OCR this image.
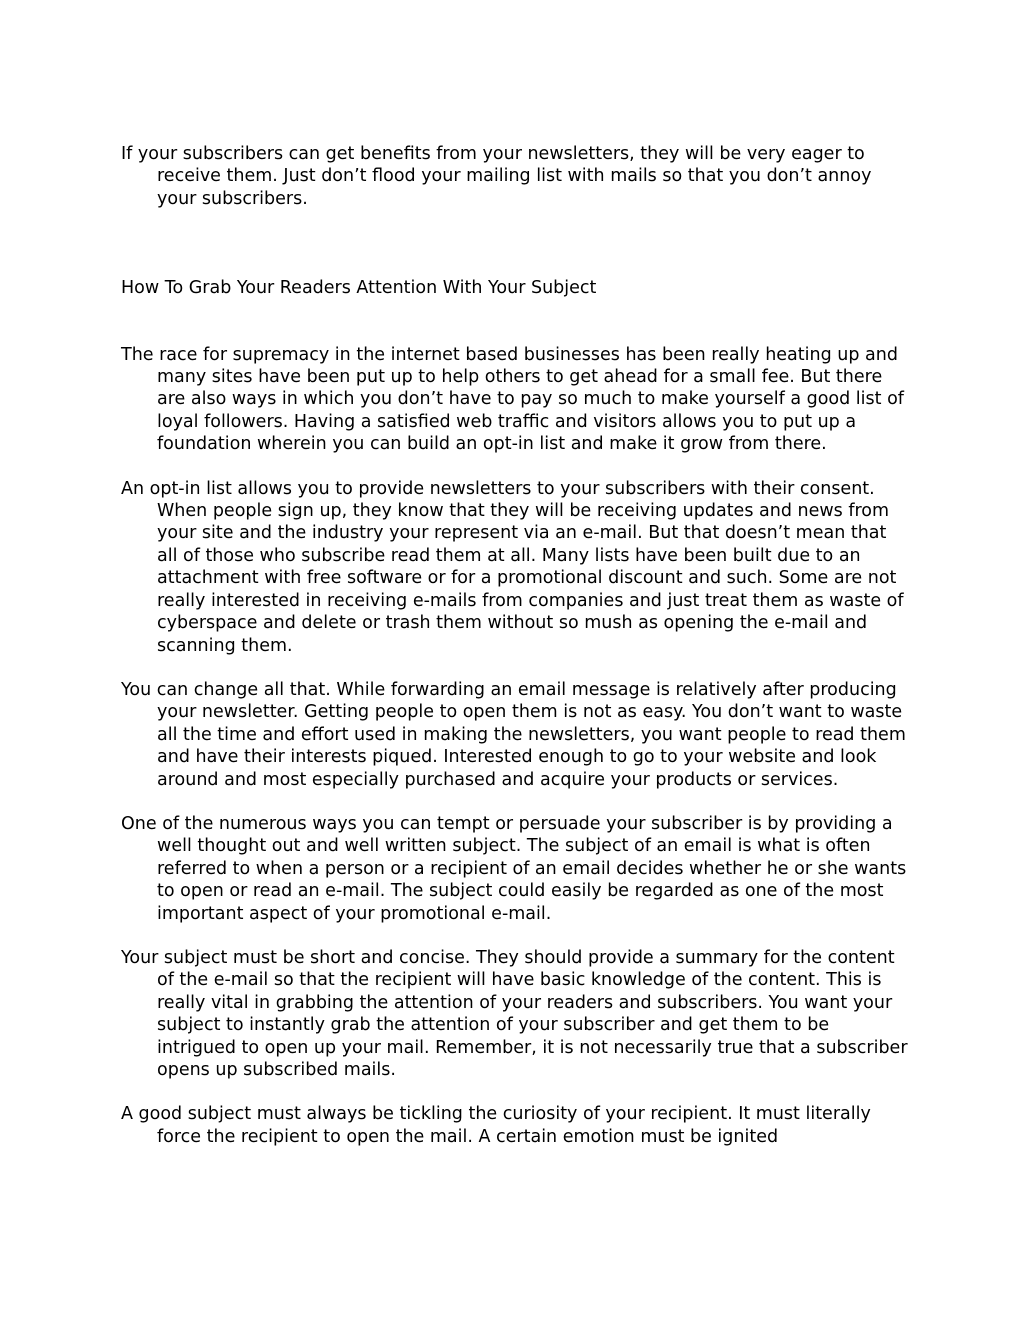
If your subscribers can get benefits from your newsletters, they will be very eager to receive them. Just don’t flood your mailing list with mails so that you don’t annoy your subscribers.

How To Grab Your Readers Attention With Your Subject

The race for supremacy in the internet based businesses has been really heating up and many sites have been put up to help others to get ahead for a small fee. But there are also ways in which you don’t have to pay so much to make yourself a good list of loyal followers. Having a satisfied web traffic and visitors allows you to put up a foundation wherein you can build an opt-in list and make it grow from there.

An opt-in list allows you to provide newsletters to your subscribers with their consent. When people sign up, they know that they will be receiving updates and news from your site and the industry your represent via an e-mail. But that doesn’t mean that all of those who subscribe read them at all. Many lists have been built due to an attachment with free software or for a promotional discount and such. Some are not really interested in receiving e-mails from companies and just treat them as waste of cyberspace and delete or trash them without so mush as opening the e-mail and scanning them.

You can change all that. While forwarding an email message is relatively after producing your newsletter. Getting people to open them is not as easy. You don’t want to waste all the time and effort used in making the newsletters, you want people to read them and have their interests piqued. Interested enough to go to your website and look around and most especially purchased and acquire your products or services.

One of the numerous ways you can tempt or persuade your subscriber is by providing a well thought out and well written subject. The subject of an email is what is often referred to when a person or a recipient of an email decides whether he or she wants to open or read an e-mail. The subject could easily be regarded as one of the most important aspect of your promotional e-mail.

Your subject must be short and concise. They should provide a summary for the content of the e-mail so that the recipient will have basic knowledge of the content. This is really vital in grabbing the attention of your readers and subscribers. You want your subject to instantly grab the attention of your subscriber and get them to be intrigued to open up your mail. Remember, it is not necessarily true that a subscriber opens up subscribed mails.

A good subject must always be tickling the curiosity of your recipient. It must literally force the recipient to open the mail. A certain emotion must be ignited
